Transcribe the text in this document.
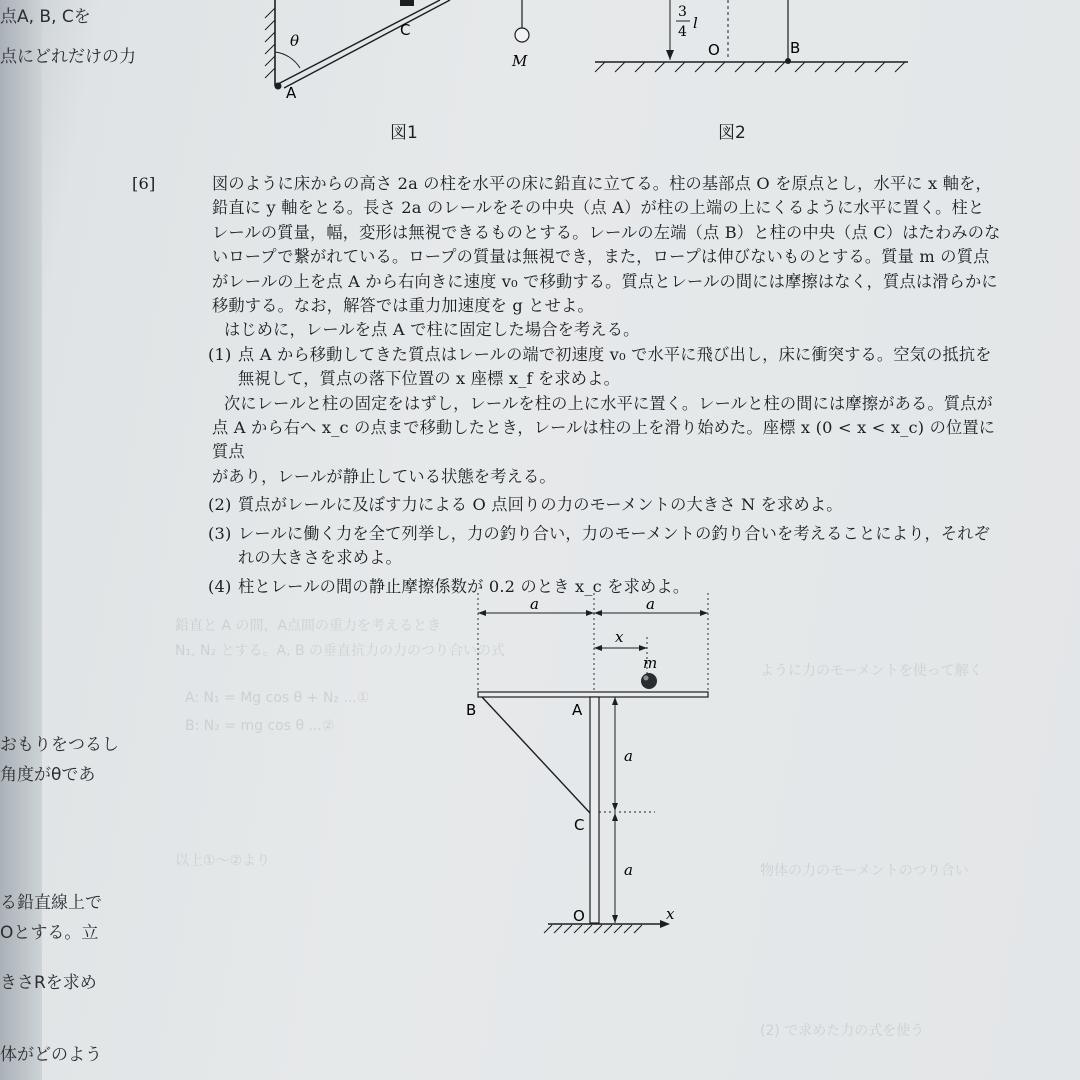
点A, B, Cを
点にどれだけの力
おもりをつるし
角度がθであ
る鉛直線上で
Oとする。立
きさRを求め
体がどのよう
鉛直と A の間，A点間の重力を考えるとき
N₁, N₂ とする。A, B の垂直抗力の力のつり合いの式
A: N₁ = Mg cos θ + N₂ ...①
B: N₂ = mg cos θ ...②
以上①〜②より
ように力のモーメントを使って解く
物体の力のモーメントのつり合い
(2) で求めた力の式を使う
θ
C
A
M
3
4 l
O	B
図1	図2

[6]	図のように床からの高さ 2a の柱を水平の床に鉛直に立てる。柱の基部点 O を原点とし，水平に x 軸を，

鉛直に y 軸をとる。長さ 2a のレールをその中央（点 A）が柱の上端の上にくるように水平に置く。柱と

レールの質量，幅，変形は無視できるものとする。レールの左端（点 B）と柱の中央（点 C）はたわみのな

いロープで繋がれている。ロープの質量は無視でき，また，ロープは伸びないものとする。質量 m の質点

がレールの上を点 A から右向きに速度 v₀ で移動する。質点とレールの間には摩擦はなく，質点は滑らかに

移動する。なお，解答では重力加速度を g とせよ。

はじめに，レールを点 A で柱に固定した場合を考える。

(1) 点 A から移動してきた質点はレールの端で初速度 v₀ で水平に飛び出し，床に衝突する。空気の抵抗を

無視して，質点の落下位置の x 座標 x_f を求めよ。

次にレールと柱の固定をはずし，レールを柱の上に水平に置く。レールと柱の間には摩擦がある。質点が

点 A から右へ x_c の点まで移動したとき，レールは柱の上を滑り始めた。座標 x (0 < x < x_c) の位置に質点

があり，レールが静止している状態を考える。

(2) 質点がレールに及ぼす力による O 点回りの力のモーメントの大きさ N を求めよ。

(3) レールに働く力を全て列挙し，力の釣り合い，力のモーメントの釣り合いを考えることにより，それぞ

れの大きさを求めよ。

(4) 柱とレールの間の静止摩擦係数が 0.2 のとき x_c を求めよ。

a	a
x
m
B	A
a
C
a
O	x
